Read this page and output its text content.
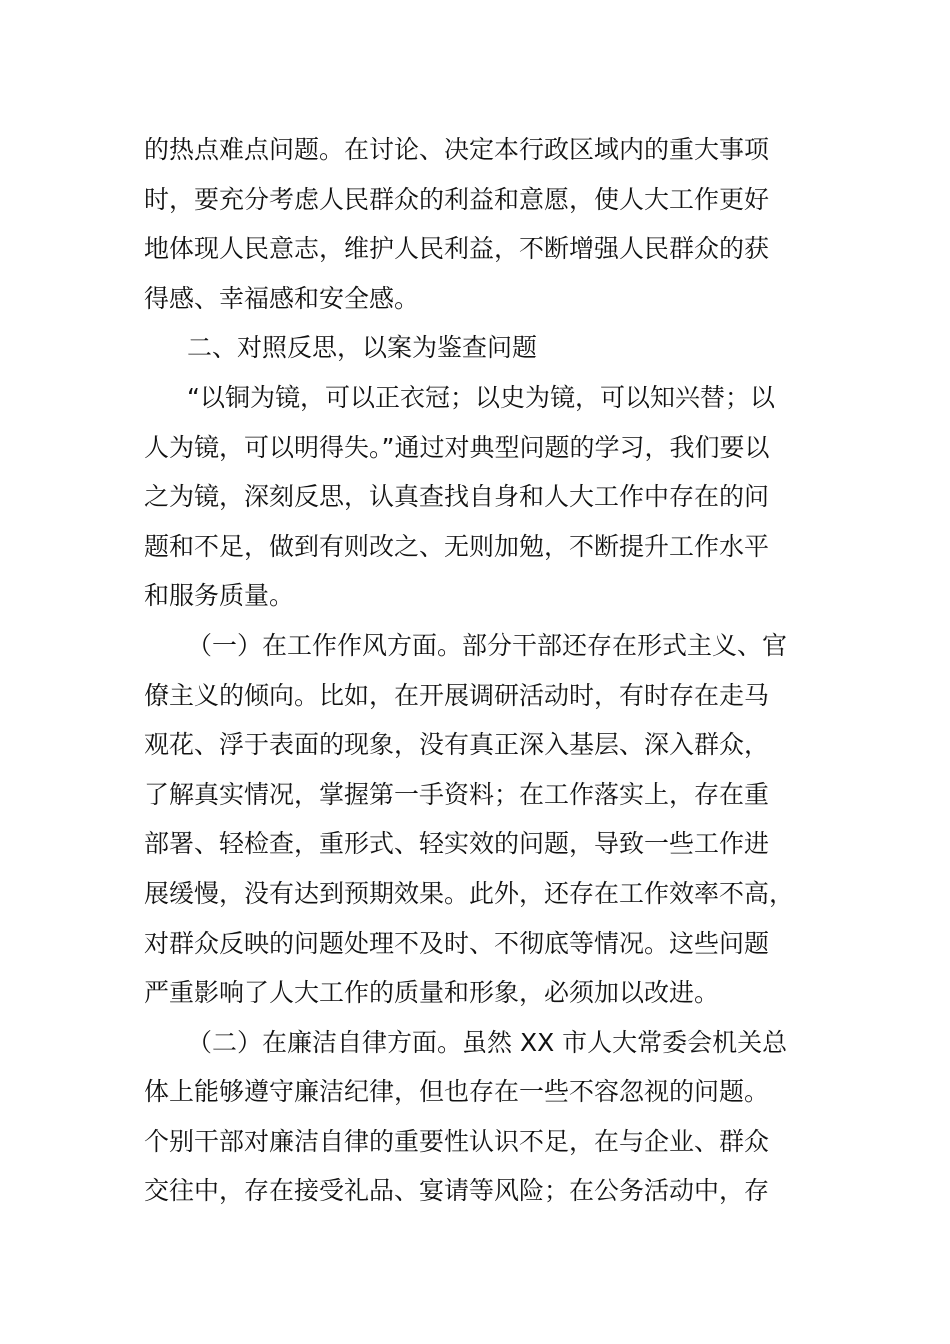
的热点难点问题。在讨论、决定本行政区域内的重大事项
时，要充分考虑人民群众的利益和意愿，使人大工作更好
地体现人民意志，维护人民利益，不断增强人民群众的获
得感、幸福感和安全感。
二、对照反思，以案为鉴查问题
“以铜为镜，可以正衣冠；以史为镜，可以知兴替；以
人为镜，可以明得失。”通过对典型问题的学习，我们要以
之为镜，深刻反思，认真查找自身和人大工作中存在的问
题和不足，做到有则改之、无则加勉，不断提升工作水平
和服务质量。
（一）在工作作风方面。部分干部还存在形式主义、官
僚主义的倾向。比如，在开展调研活动时，有时存在走马
观花、浮于表面的现象，没有真正深入基层、深入群众，
了解真实情况，掌握第一手资料；在工作落实上，存在重
部署、轻检查，重形式、轻实效的问题，导致一些工作进
展缓慢，没有达到预期效果。此外，还存在工作效率不高，
对群众反映的问题处理不及时、不彻底等情况。这些问题
严重影响了人大工作的质量和形象，必须加以改进。
（二）在廉洁自律方面。虽然 XX 市人大常委会机关总
体上能够遵守廉洁纪律，但也存在一些不容忽视的问题。
个别干部对廉洁自律的重要性认识不足，在与企业、群众
交往中，存在接受礼品、宴请等风险；在公务活动中，存
